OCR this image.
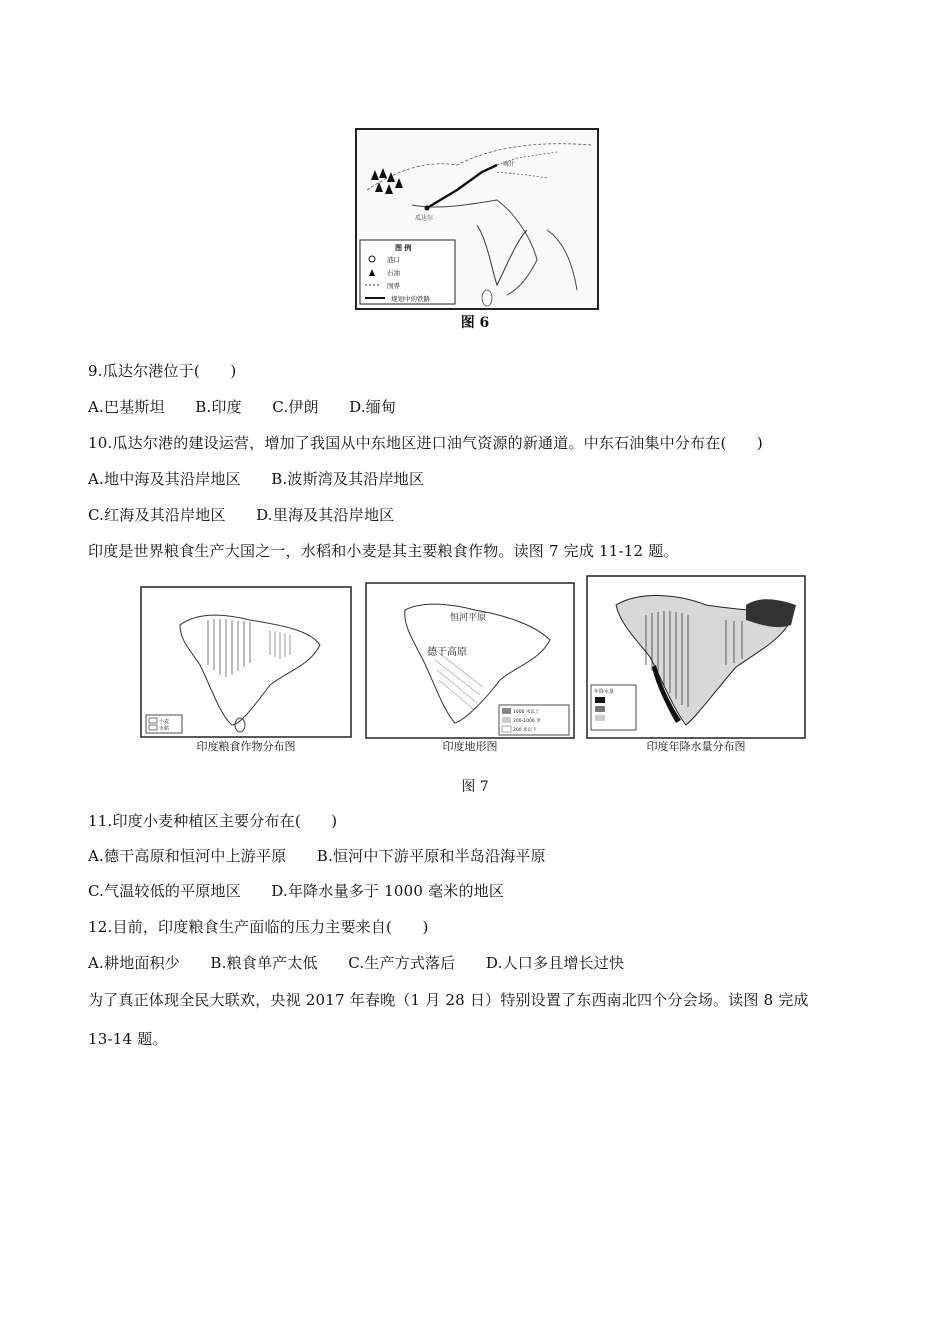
瓜达尔
喀什
图 例
港口
石油
国界
规划中的铁路
图 6
9.瓜达尔港位于(　　)
A.巴基斯坦　　B.印度　　C.伊朗　　D.缅甸
10.瓜达尔港的建设运营，增加了我国从中东地区进口油气资源的新通道。中东石油集中分布在(　　)
A.地中海及其沿岸地区　　B.波斯湾及其沿岸地区
C.红海及其沿岸地区　　D.里海及其沿岸地区
印度是世界粮食生产大国之一，水稻和小麦是其主要粮食作物。读图 7 完成 11-12 题。
小麦
水稻
印度粮食作物分布图
恒河平原
德干高原
1000 米以上
200-1000 米
200 米以下
印度地形图
年降水量
印度年降水量分布图
图 7
11.印度小麦种植区主要分布在(　　)
A.德干高原和恒河中上游平原　　B.恒河中下游平原和半岛沿海平原
C.气温较低的平原地区　　D.年降水量多于 1000 毫米的地区
12.目前，印度粮食生产面临的压力主要来自(　　)
A.耕地面积少　　B.粮食单产太低　　C.生产方式落后　　D.人口多且增长过快
为了真正体现全民大联欢，央视 2017 年春晚（1 月 28 日）特别设置了东西南北四个分会场。读图 8 完成
13-14 题。
